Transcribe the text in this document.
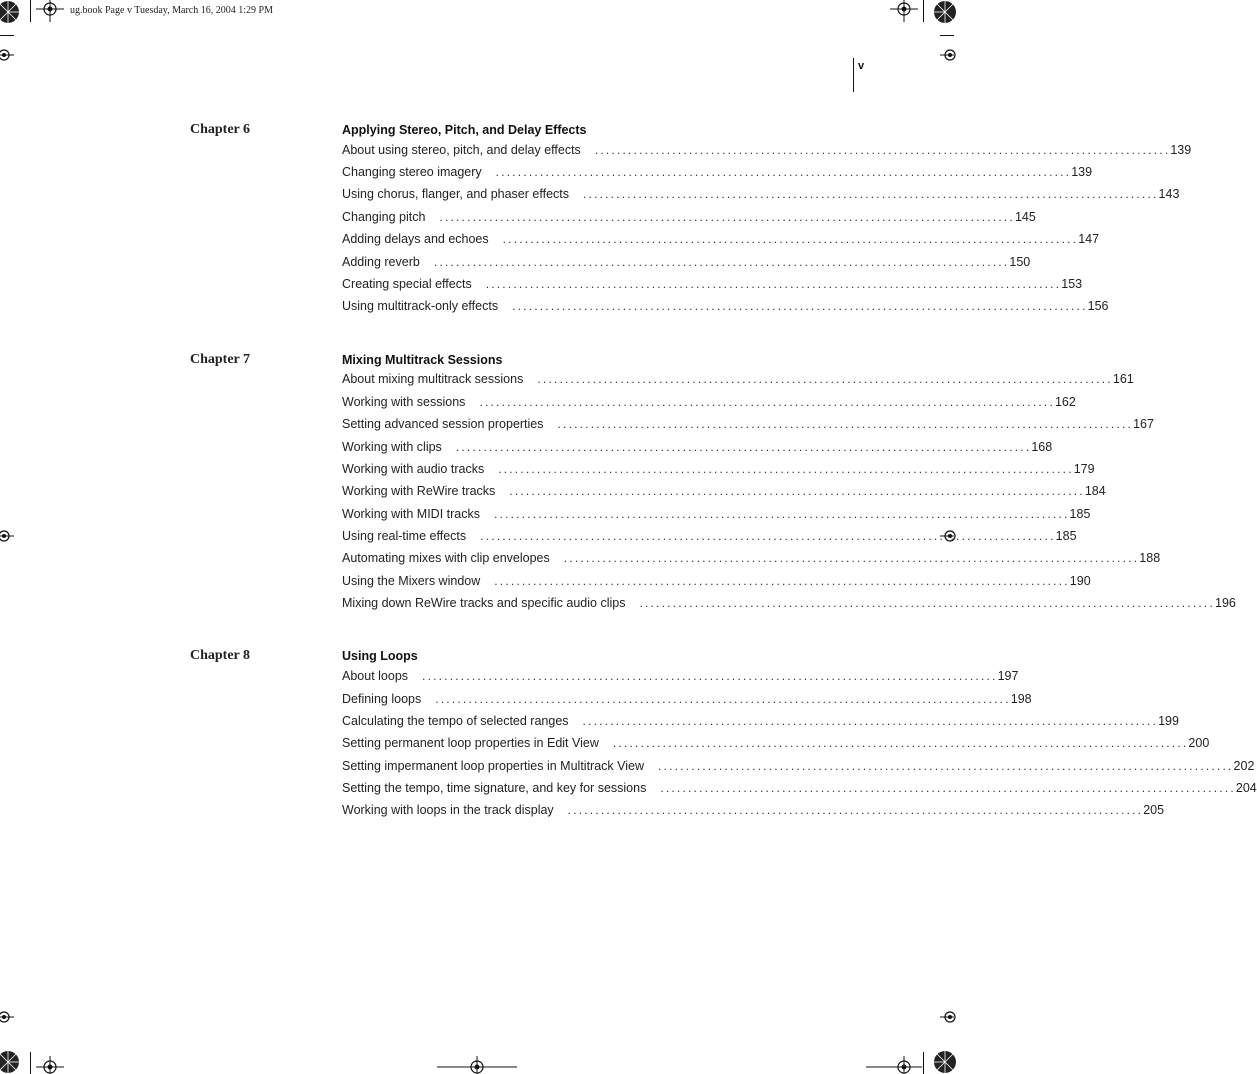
ug.book Page v Tuesday, March 16, 2004 1:29 PM
v
Chapter 6	Applying Stereo, Pitch, and Delay Effects
About using stereo, pitch, and delay effects	........................................................................................................ 139
Changing stereo imagery	........................................................................................................ 139
Using chorus, flanger, and phaser effects	........................................................................................................ 143
Changing pitch	........................................................................................................ 145
Adding delays and echoes	........................................................................................................ 147
Adding reverb	........................................................................................................ 150
Creating special effects	........................................................................................................ 153
Using multitrack-only effects	........................................................................................................ 156
Chapter 7	Mixing Multitrack Sessions
About mixing multitrack sessions	........................................................................................................ 161
Working with sessions	........................................................................................................ 162
Setting advanced session properties	........................................................................................................ 167
Working with clips	........................................................................................................ 168
Working with audio tracks	........................................................................................................ 179
Working with ReWire tracks	........................................................................................................ 184
Working with MIDI tracks	........................................................................................................ 185
Using real-time effects	........................................................................................................ 185
Automating mixes with clip envelopes	........................................................................................................ 188
Using the Mixers window	........................................................................................................ 190
Mixing down ReWire tracks and specific audio clips	........................................................................................................ 196
Chapter 8	Using Loops
About loops	........................................................................................................ 197
Defining loops	........................................................................................................ 198
Calculating the tempo of selected ranges	........................................................................................................ 199
Setting permanent loop properties in Edit View	........................................................................................................ 200
Setting impermanent loop properties in Multitrack View	........................................................................................................ 202
Setting the tempo, time signature, and key for sessions	........................................................................................................ 204
Working with loops in the track display	........................................................................................................ 205
